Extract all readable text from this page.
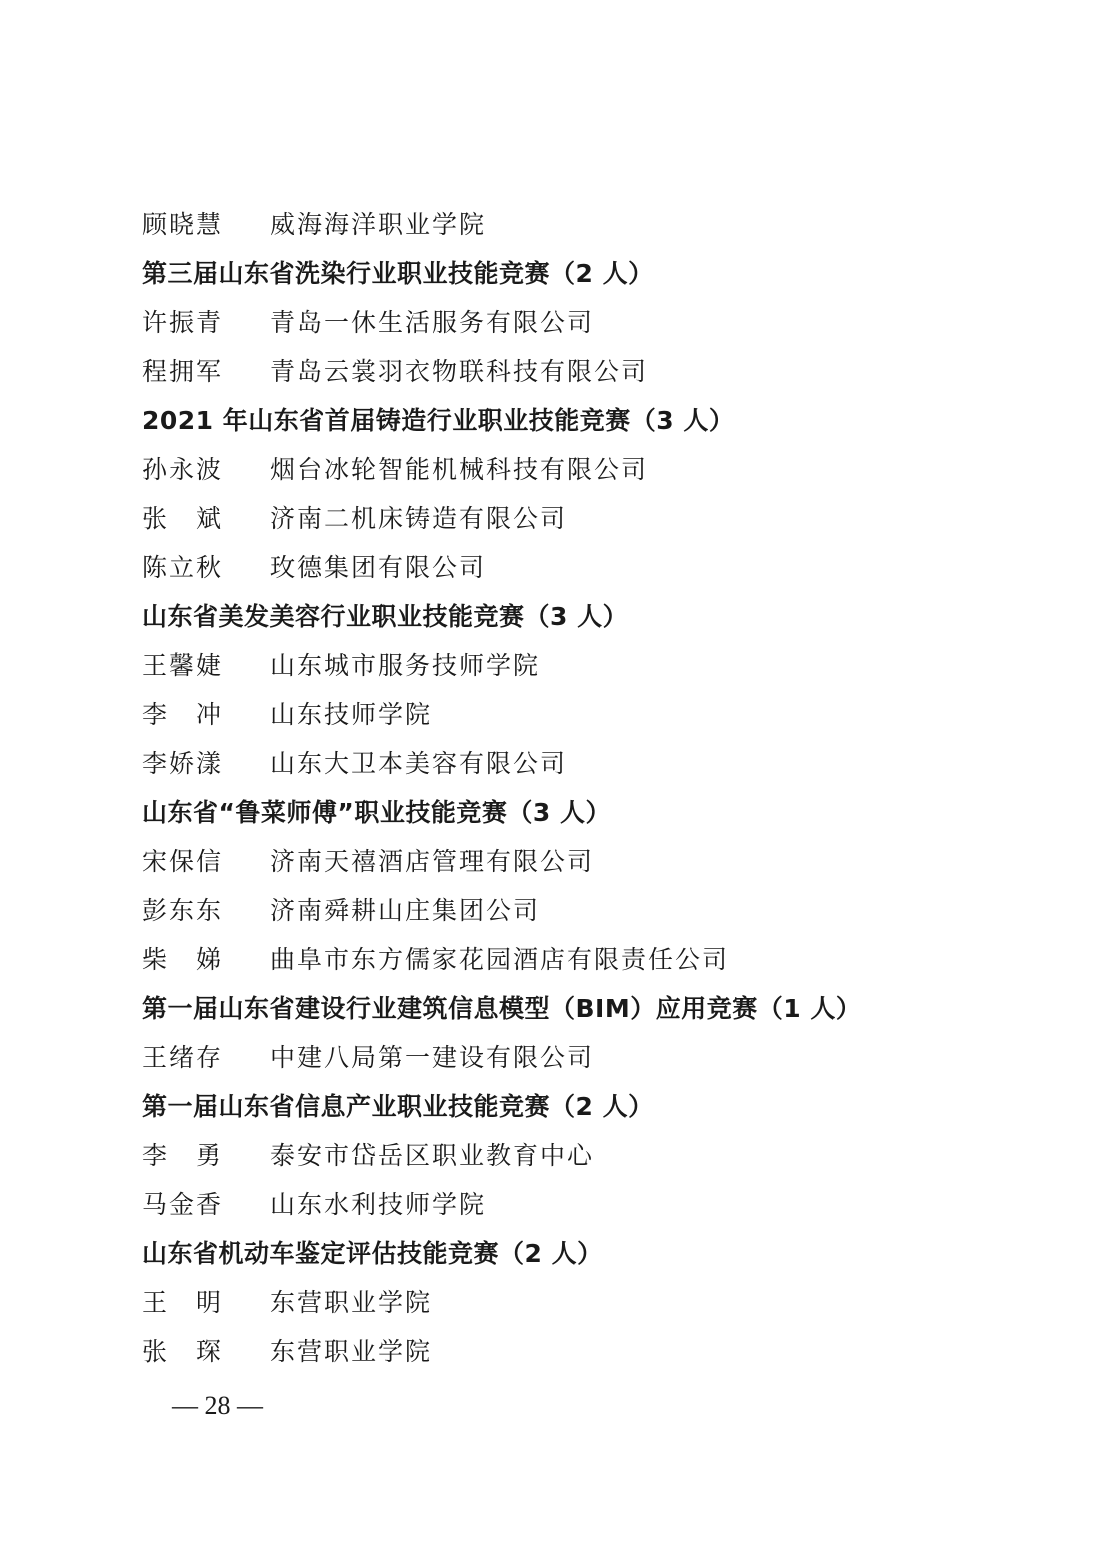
顾晓慧 威海海洋职业学院
第三届山东省洗染行业职业技能竞赛（2 人）
许振青 青岛一休生活服务有限公司
程拥军 青岛云裳羽衣物联科技有限公司
2021 年山东省首届铸造行业职业技能竞赛（3 人）
孙永波 烟台冰轮智能机械科技有限公司
张　斌 济南二机床铸造有限公司
陈立秋 玫德集团有限公司
山东省美发美容行业职业技能竞赛（3 人）
王馨婕 山东城市服务技师学院
李　冲 山东技师学院
李娇漾 山东大卫本美容有限公司
山东省“鲁菜师傅”职业技能竞赛（3 人）
宋保信 济南天禧酒店管理有限公司
彭东东 济南舜耕山庄集团公司
柴　娣 曲阜市东方儒家花园酒店有限责任公司
第一届山东省建设行业建筑信息模型（BIM）应用竞赛（1 人）
王绪存 中建八局第一建设有限公司
第一届山东省信息产业职业技能竞赛（2 人）
李　勇 泰安市岱岳区职业教育中心
马金香 山东水利技师学院
山东省机动车鉴定评估技能竞赛（2 人）
王　明 东营职业学院
张　琛 东营职业学院
— 28 —
